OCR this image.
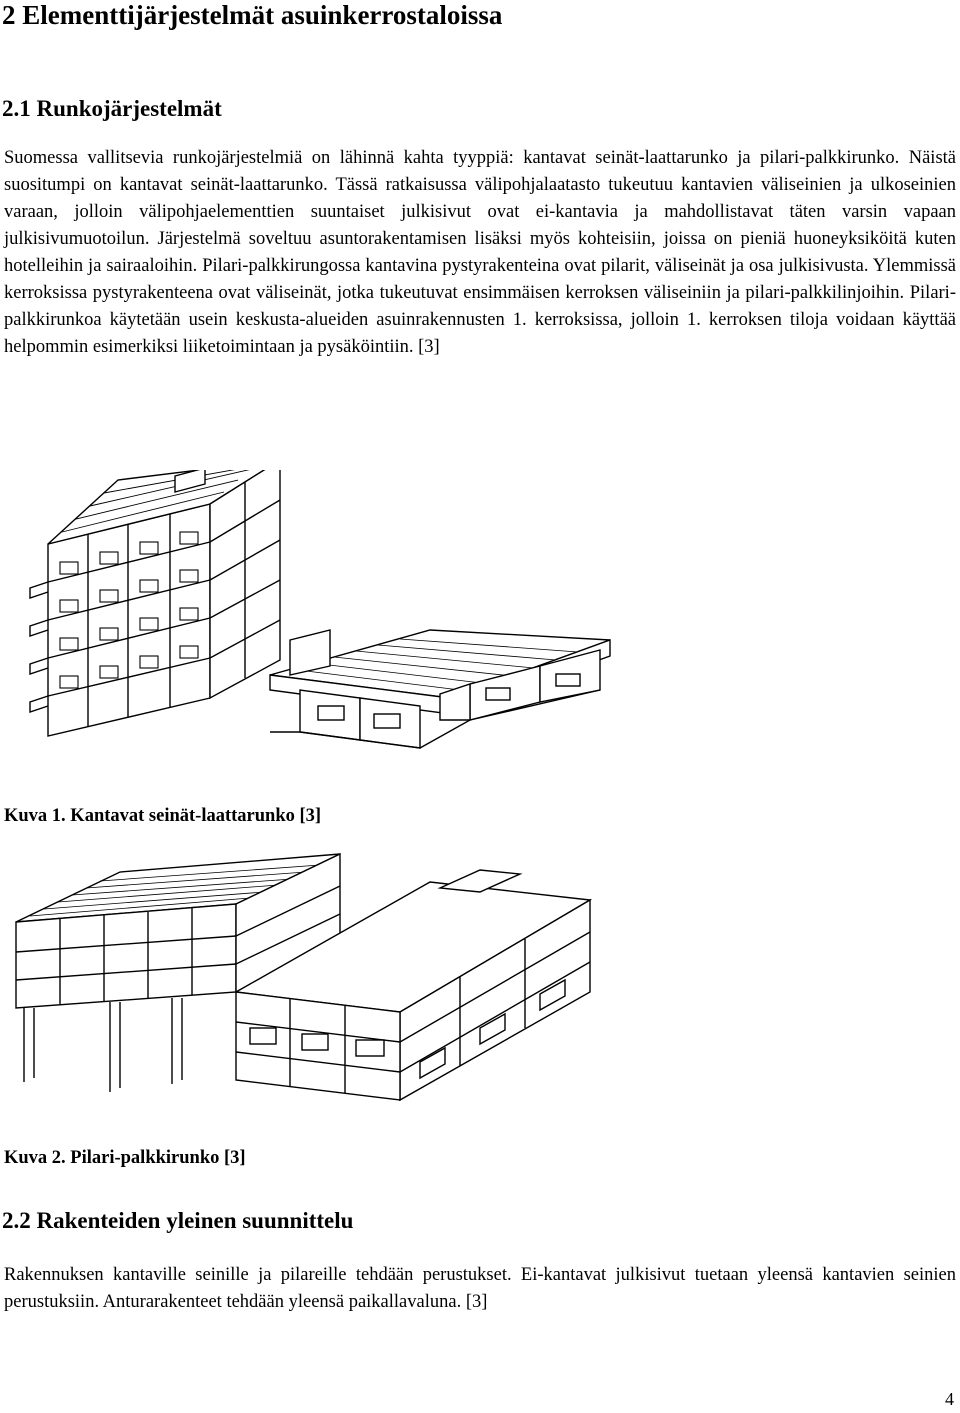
2 Elementtijärjestelmät asuinkerrostaloissa
2.1 Runkojärjestelmät

Suomessa vallitsevia runkojärjestelmiä on lähinnä kahta tyyppiä: kantavat seinät-laattarunko ja pilari-palkkirunko. Näistä suositumpi on kantavat seinät-laattarunko. Tässä ratkaisussa välipohjalaatasto tukeutuu kantavien väliseinien ja ulkoseinien varaan, jolloin välipohjaelementtien suuntaiset julkisivut ovat ei-kantavia ja mahdollistavat täten varsin vapaan julkisivumuotoilun. Järjestelmä soveltuu asuntorakentamisen lisäksi myös kohteisiin, joissa on pieniä huoneyksiköitä kuten hotelleihin ja sairaaloihin. Pilari-palkkirungossa kantavina pystyrakenteina ovat pilarit, väliseinät ja osa julkisivusta. Ylemmissä kerroksissa pystyrakenteena ovat väliseinät, jotka tukeutuvat ensimmäisen kerroksen väliseiniin ja pilari-palkkilinjoihin. Pilari-palkkirunkoa käytetään usein keskusta-alueiden asuinrakennusten 1. kerroksissa, jolloin 1. kerroksen tiloja voidaan käyttää helpommin esimerkiksi liiketoimintaan ja pysäköintiin. [3]

Kuva 1. Kantavat seinät-laattarunko [3]

Kuva 2. Pilari-palkkirunko [3]

2.2 Rakenteiden yleinen suunnittelu

Rakennuksen kantaville seinille ja pilareille tehdään perustukset. Ei-kantavat julkisivut tuetaan yleensä kantavien seinien perustuksiin. Anturarakenteet tehdään yleensä paikallavaluna. [3]

4
